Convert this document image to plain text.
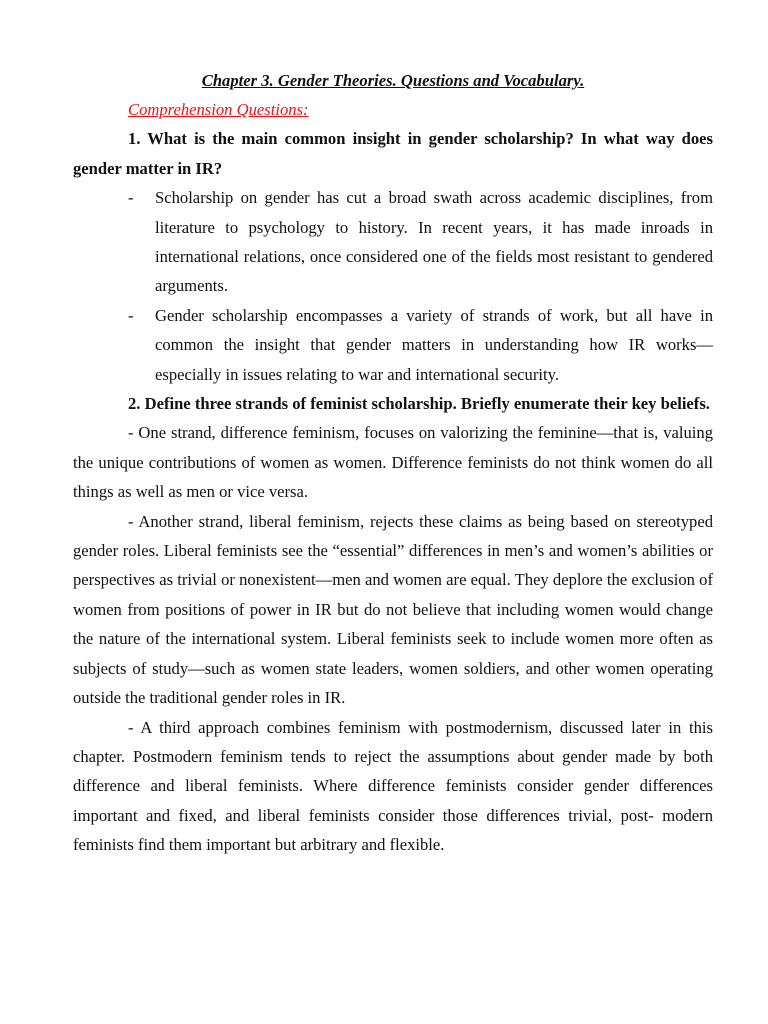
Chapter 3. Gender Theories. Questions and Vocabulary.

Comprehension Questions:

1. What is the main common insight in gender scholarship? In what way does gender matter in IR?

-	Scholarship on gender has cut a broad swath across academic disciplines, from literature to psychology to history. In recent years, it has made inroads in international relations, once considered one of the fields most resistant to gendered arguments.
-	Gender scholarship encompasses a variety of strands of work, but all have in common the insight that gender matters in understanding how IR works—especially in issues relating to war and international security.

2. Define three strands of feminist scholarship. Briefly enumerate their key beliefs.

- One strand, difference feminism, focuses on valorizing the feminine—that is, valuing the unique contributions of women as women. Difference feminists do not think women do all things as well as men or vice versa.

- Another strand, liberal feminism, rejects these claims as being based on stereotyped gender roles. Liberal feminists see the “essential” differences in men’s and women’s abilities or perspectives as trivial or nonexistent—men and women are equal. They deplore the exclusion of women from positions of power in IR but do not believe that including women would change the nature of the international system. Liberal feminists seek to include women more often as subjects of study—such as women state leaders, women soldiers, and other women operating outside the traditional gender roles in IR.

- A third approach combines feminism with postmodernism, discussed later in this chapter. Postmodern feminism tends to reject the assumptions about gender made by both difference and liberal feminists. Where difference feminists consider gender differences important and fixed, and liberal feminists consider those differences trivial, post- modern feminists find them important but arbitrary and flexible.
